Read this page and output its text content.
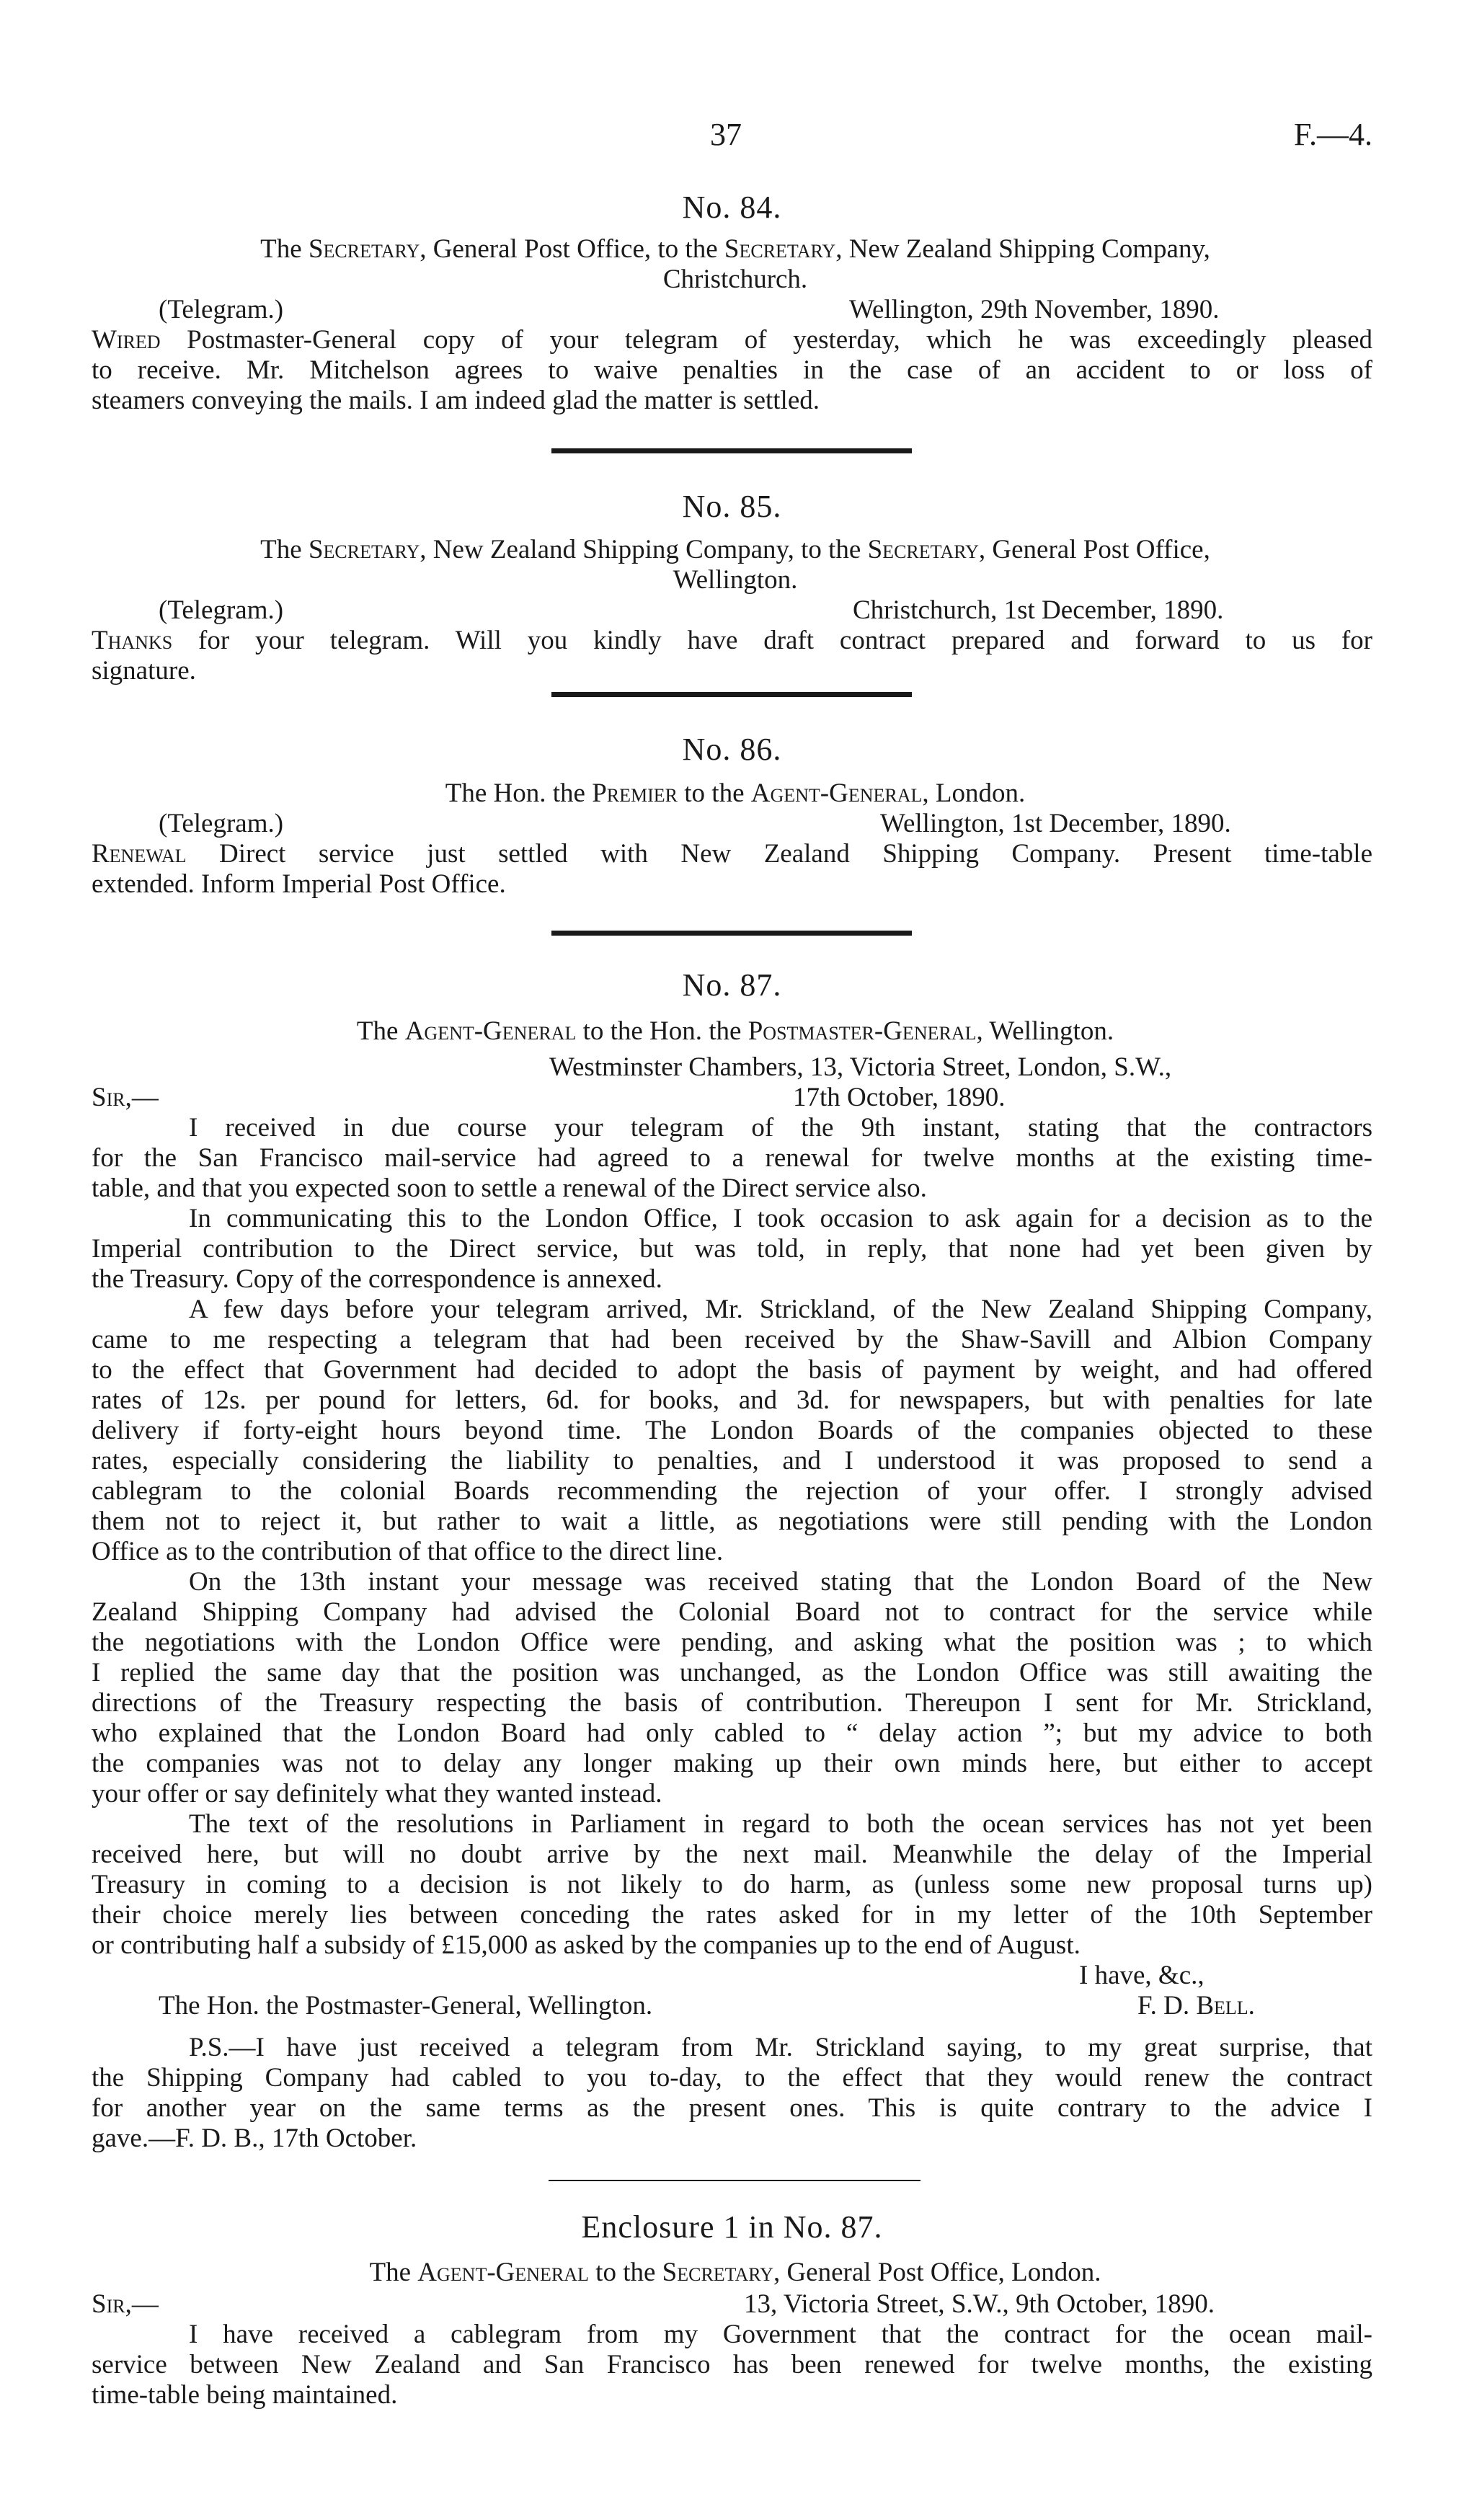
37	F.—4.
No. 84.
The Secretary, General Post Office, to the Secretary, New Zealand Shipping Company,
Christchurch.
(Telegram.)	Wellington, 29th November, 1890.
Wired Postmaster-General copy of your telegram of yesterday, which he was exceedingly pleased
to receive. Mr. Mitchelson agrees to waive penalties in the case of an accident to or loss of
steamers conveying the mails. I am indeed glad the matter is settled.
No. 85.
The Secretary, New Zealand Shipping Company, to the Secretary, General Post Office,
Wellington.
(Telegram.)	Christchurch, 1st December, 1890.
Thanks for your telegram. Will you kindly have draft contract prepared and forward to us for
signature.
No. 86.
The Hon. the Premier to the Agent-General, London.
(Telegram.)	Wellington, 1st December, 1890.
Renewal Direct service just settled with New Zealand Shipping Company. Present time-table
extended. Inform Imperial Post Office.
No. 87.
The Agent-General to the Hon. the Postmaster-General, Wellington.
Westminster Chambers, 13, Victoria Street, London, S.W.,
Sir,—	17th October, 1890.
I received in due course your telegram of the 9th instant, stating that the contractors
for the San Francisco mail-service had agreed to a renewal for twelve months at the existing time-
table, and that you expected soon to settle a renewal of the Direct service also.
In communicating this to the London Office, I took occasion to ask again for a decision as to the
Imperial contribution to the Direct service, but was told, in reply, that none had yet been given by
the Treasury. Copy of the correspondence is annexed.
A few days before your telegram arrived, Mr. Strickland, of the New Zealand Shipping Company,
came to me respecting a telegram that had been received by the Shaw-Savill and Albion Company
to the effect that Government had decided to adopt the basis of payment by weight, and had offered
rates of 12s. per pound for letters, 6d. for books, and 3d. for newspapers, but with penalties for late
delivery if forty-eight hours beyond time. The London Boards of the companies objected to these
rates, especially considering the liability to penalties, and I understood it was proposed to send a
cablegram to the colonial Boards recommending the rejection of your offer. I strongly advised
them not to reject it, but rather to wait a little, as negotiations were still pending with the London
Office as to the contribution of that office to the direct line.
On the 13th instant your message was received stating that the London Board of the New
Zealand Shipping Company had advised the Colonial Board not to contract for the service while
the negotiations with the London Office were pending, and asking what the position was ; to which
I replied the same day that the position was unchanged, as the London Office was still awaiting the
directions of the Treasury respecting the basis of contribution. Thereupon I sent for Mr. Strickland,
who explained that the London Board had only cabled to “ delay action ”; but my advice to both
the companies was not to delay any longer making up their own minds here, but either to accept
your offer or say definitely what they wanted instead.
The text of the resolutions in Parliament in regard to both the ocean services has not yet been
received here, but will no doubt arrive by the next mail. Meanwhile the delay of the Imperial
Treasury in coming to a decision is not likely to do harm, as (unless some new proposal turns up)
their choice merely lies between conceding the rates asked for in my letter of the 10th September
or contributing half a subsidy of £15,000 as asked by the companies up to the end of August.
I have, &c.,
The Hon. the Postmaster-General, Wellington.	F. D. Bell.
P.S.—I have just received a telegram from Mr. Strickland saying, to my great surprise, that
the Shipping Company had cabled to you to-day, to the effect that they would renew the contract
for another year on the same terms as the present ones. This is quite contrary to the advice I
gave.—F. D. B., 17th October.
Enclosure 1 in No. 87.
The Agent-General to the Secretary, General Post Office, London.
Sir,—	13, Victoria Street, S.W., 9th October, 1890.
I have received a cablegram from my Government that the contract for the ocean mail-
service between New Zealand and San Francisco has been renewed for twelve months, the existing
time-table being maintained.
